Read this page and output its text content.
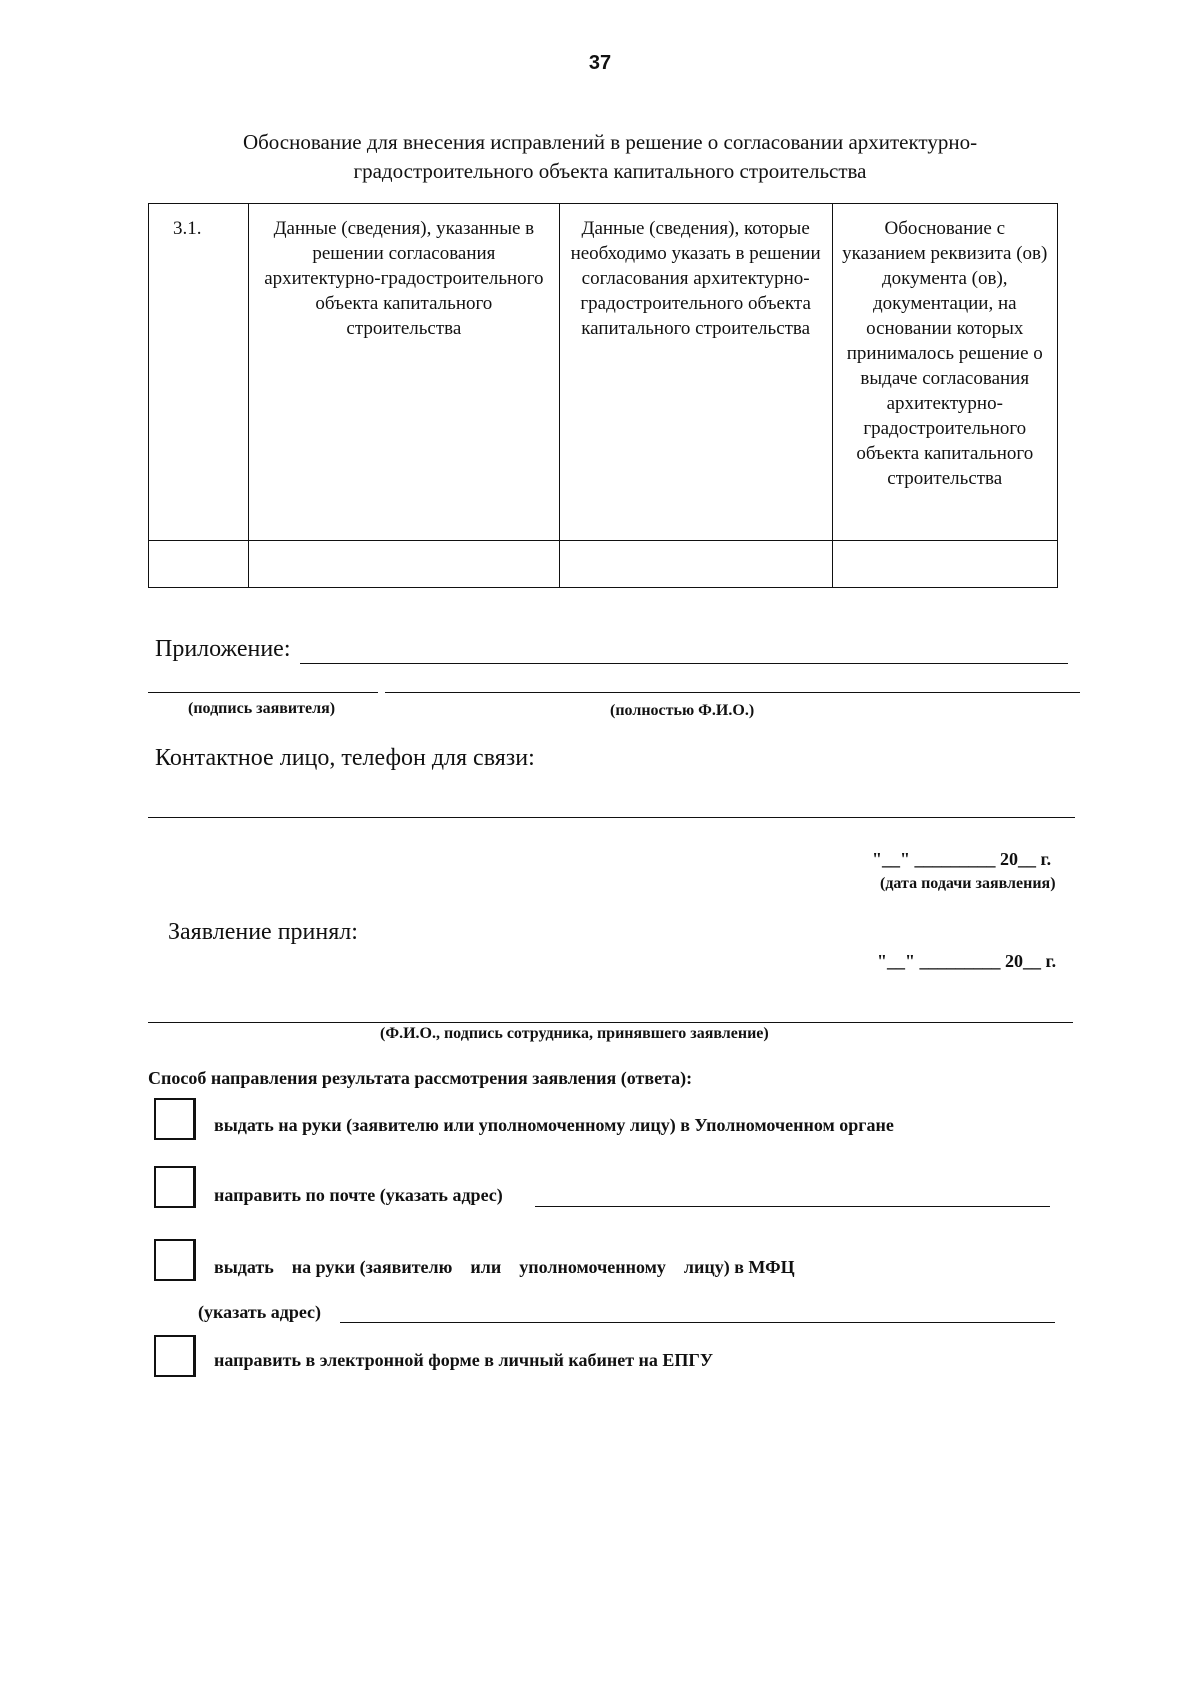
37
Обоснование для внесения исправлений в решение о согласовании архитектурно-градостроительного объекта капитального строительства
3.1.	Данные (сведения), указанные в решении согласования архитектурно-градостроительного объекта капитального строительства	Данные (сведения), которые необходимо указать в решении согласования архитектурно-градостроительного объекта капитального строительства	Обоснование с указанием реквизита (ов) документа (ов), документации, на основании которых принималось решение о выдаче согласования архитектурно-градостроительного объекта капитального строительства

Приложение:
(подпись заявителя)	(полностью Ф.И.О.)
Контактное лицо, телефон для связи:
"__" _________ 20__ г.
(дата подачи заявления)
Заявление принял:
"__" _________ 20__ г.
(Ф.И.О., подпись сотрудника, принявшего заявление)
Способ направления результата рассмотрения заявления (ответа):
выдать на руки (заявителю или уполномоченному лицу) в Уполномоченном органе
направить по почте (указать адрес)
выдать    на руки (заявителю    или    уполномоченному    лицу) в МФЦ
(указать адрес)
направить в электронной форме в личный кабинет на ЕПГУ
